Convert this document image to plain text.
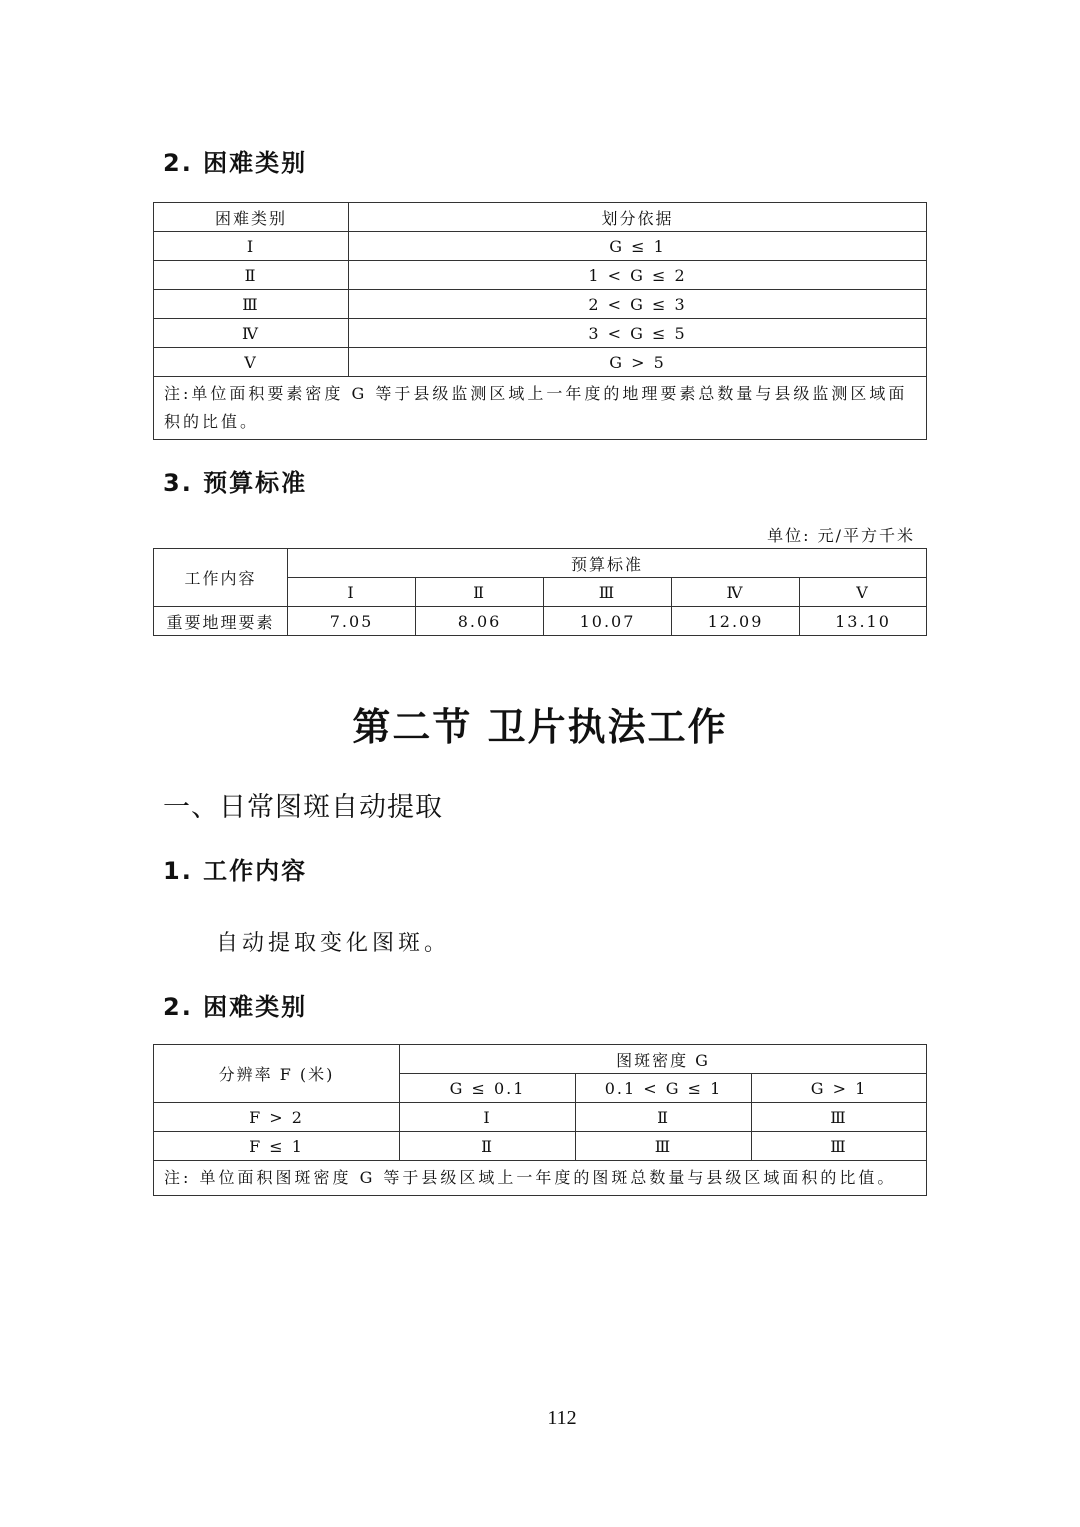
2. 困难类别
困难类别	划分依据
Ⅰ	G ≤ 1
Ⅱ	1 < G ≤ 2
Ⅲ	2 < G ≤ 3
Ⅳ	3 < G ≤ 5
Ⅴ	G > 5
注:单位面积要素密度 G 等于县级监测区域上一年度的地理要素总数量与县级监测区域面积的比值。	
3. 预算标准
单位: 元/平方千米
工作内容	预算标准				
	Ⅰ	Ⅱ	Ⅲ	Ⅳ	Ⅴ
重要地理要素	7.05	8.06	10.07	12.09	13.10
第二节 卫片执法工作
一、日常图斑自动提取
1. 工作内容
自动提取变化图斑。
2. 困难类别
分辨率 F (米)	图斑密度 G		
	G ≤ 0.1	0.1 < G ≤ 1	G > 1
F > 2	Ⅰ	Ⅱ	Ⅲ
F ≤ 1	Ⅱ	Ⅲ	Ⅲ
注: 单位面积图斑密度 G 等于县级区域上一年度的图斑总数量与县级区域面积的比值。			
112
